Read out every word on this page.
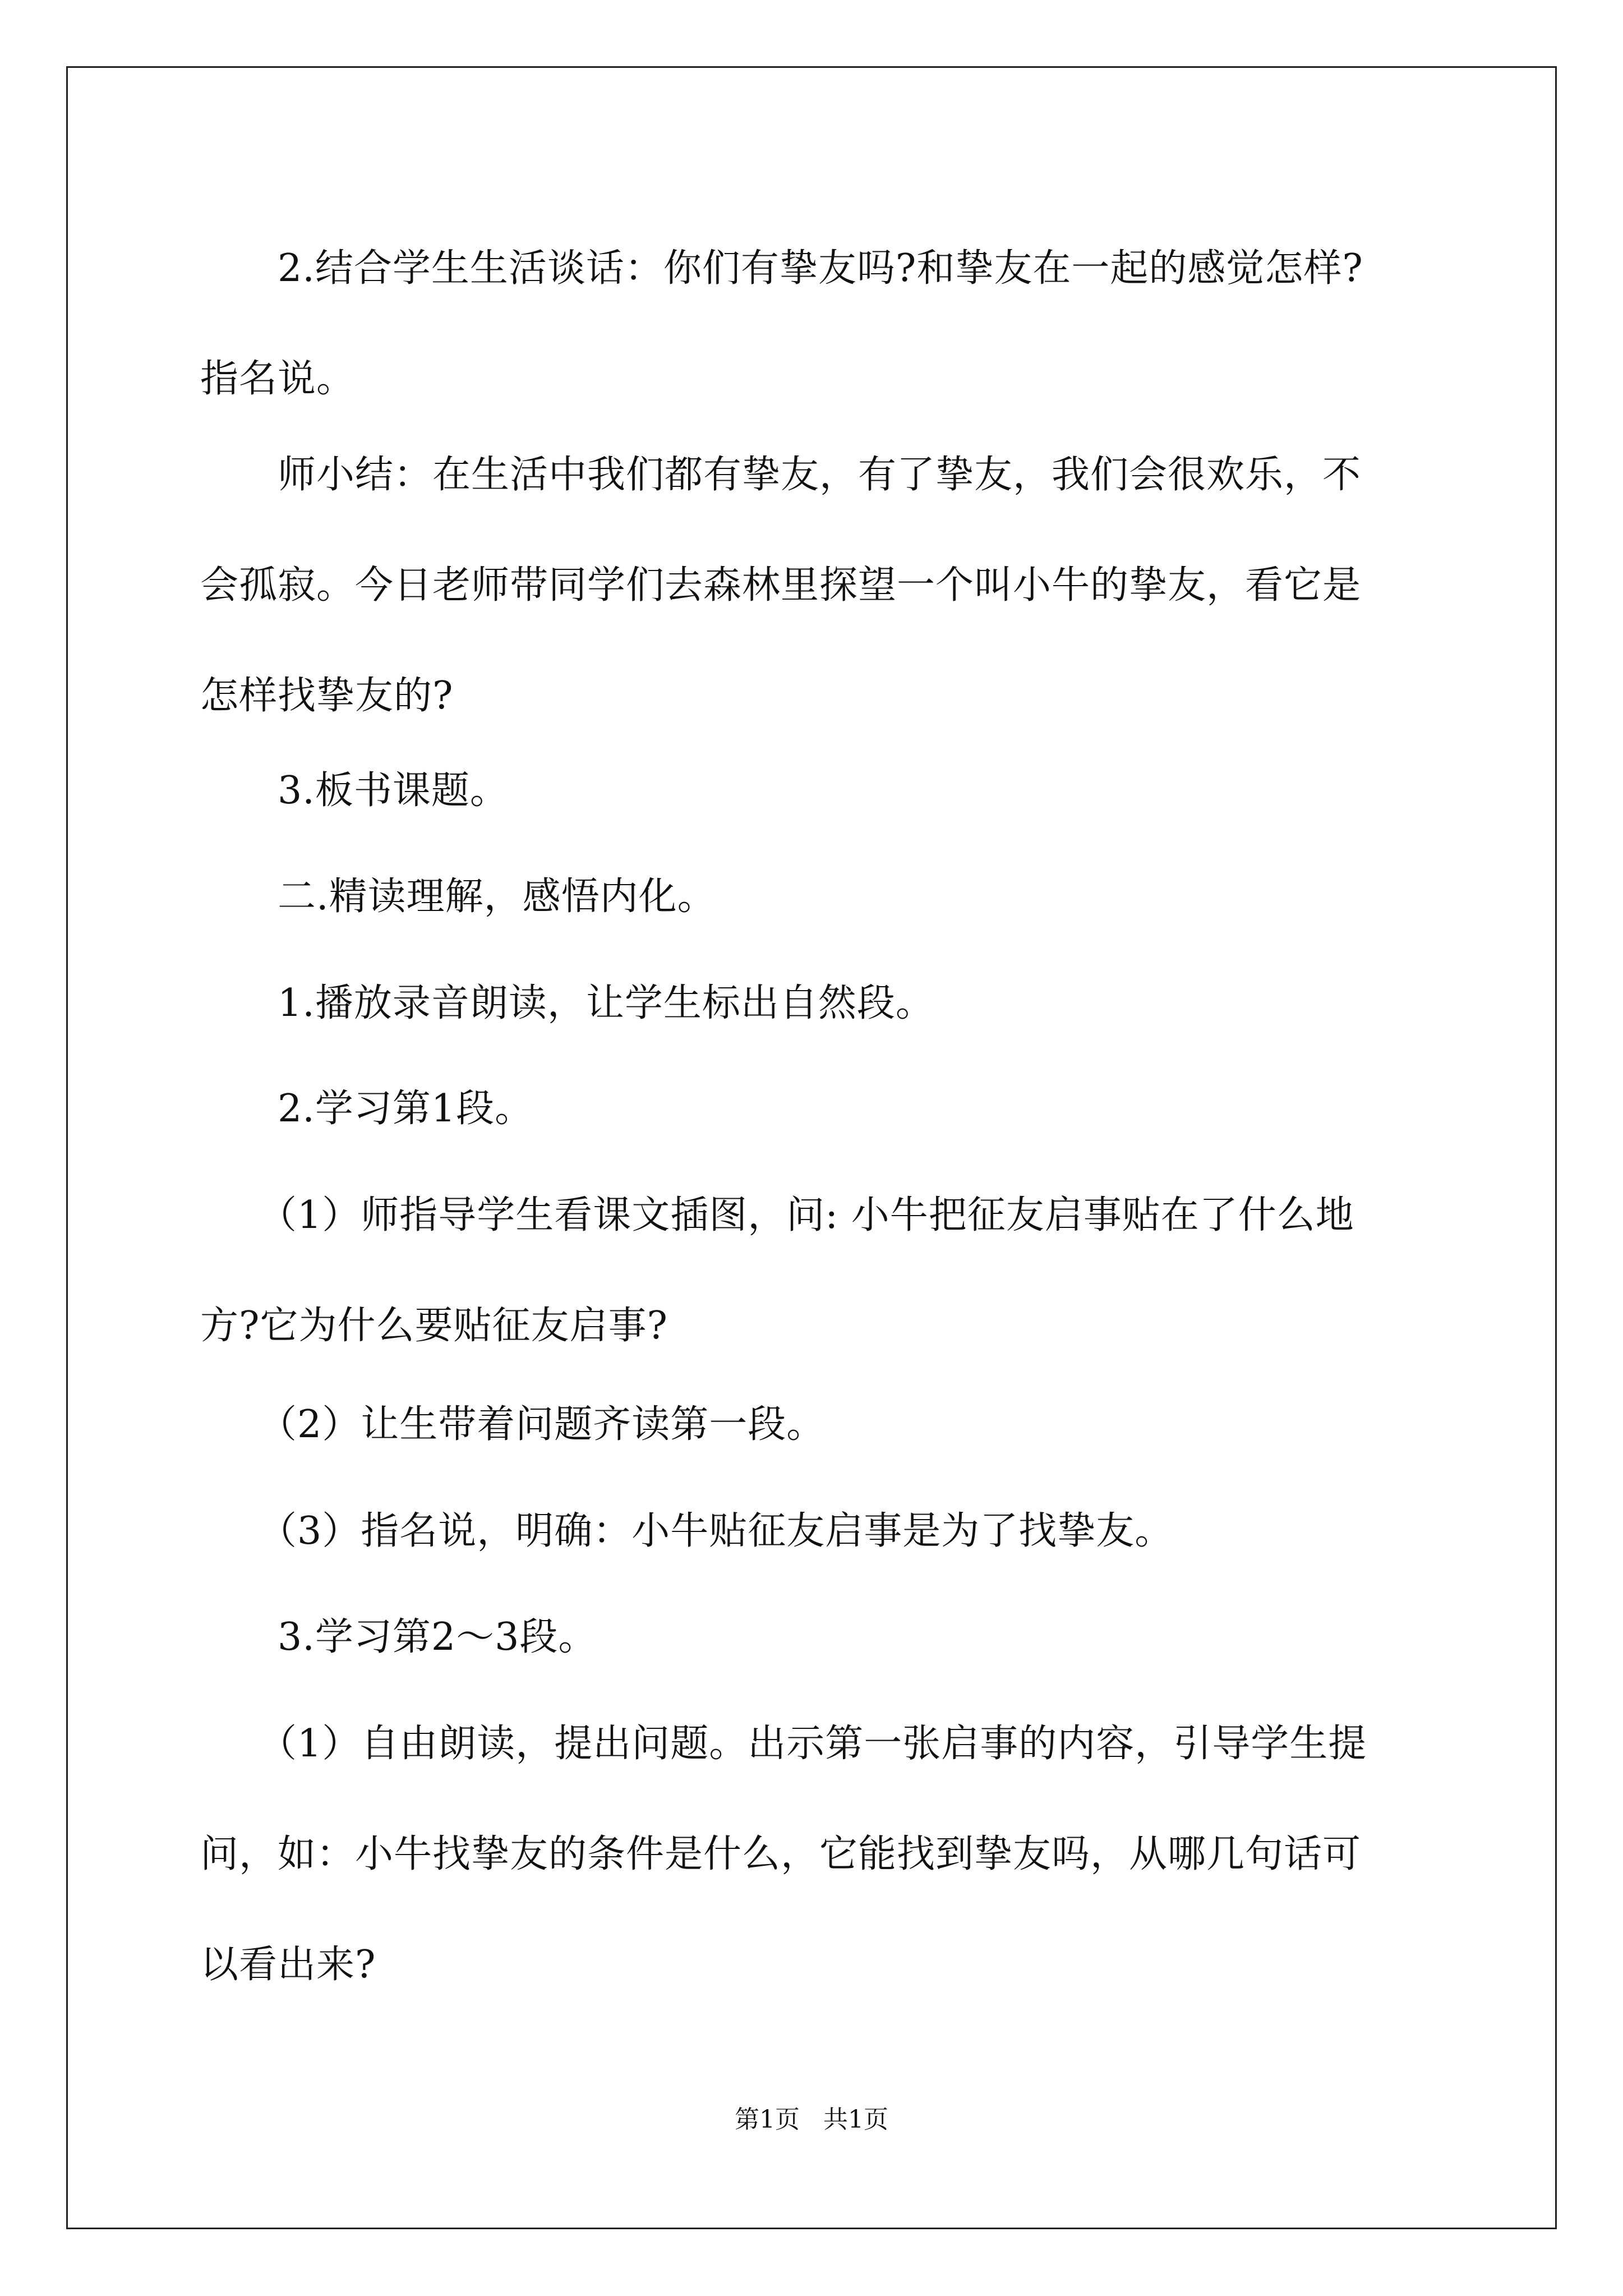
　　2.结合学生生活谈话：你们有挚友吗?和挚友在一起的感觉怎样?
指名说。

　　师小结：在生活中我们都有挚友，有了挚友，我们会很欢乐，不
会孤寂。今日老师带同学们去森林里探望一个叫小牛的挚友，看它是
怎样找挚友的?

　　3.板书课题。

　　二.精读理解，感悟内化。

　　1.播放录音朗读，让学生标出自然段。

　　2.学习第1段。

　　（1）师指导学生看课文插图，问: 小牛把征友启事贴在了什么地
方?它为什么要贴征友启事?

　　（2）让生带着问题齐读第一段。

　　（3）指名说，明确：小牛贴征友启事是为了找挚友。

　　3.学习第2～3段。

　　（1）自由朗读，提出问题。出示第一张启事的内容，引导学生提
问，如：小牛找挚友的条件是什么，它能找到挚友吗，从哪几句话可
以看出来?

第1页 共1页
